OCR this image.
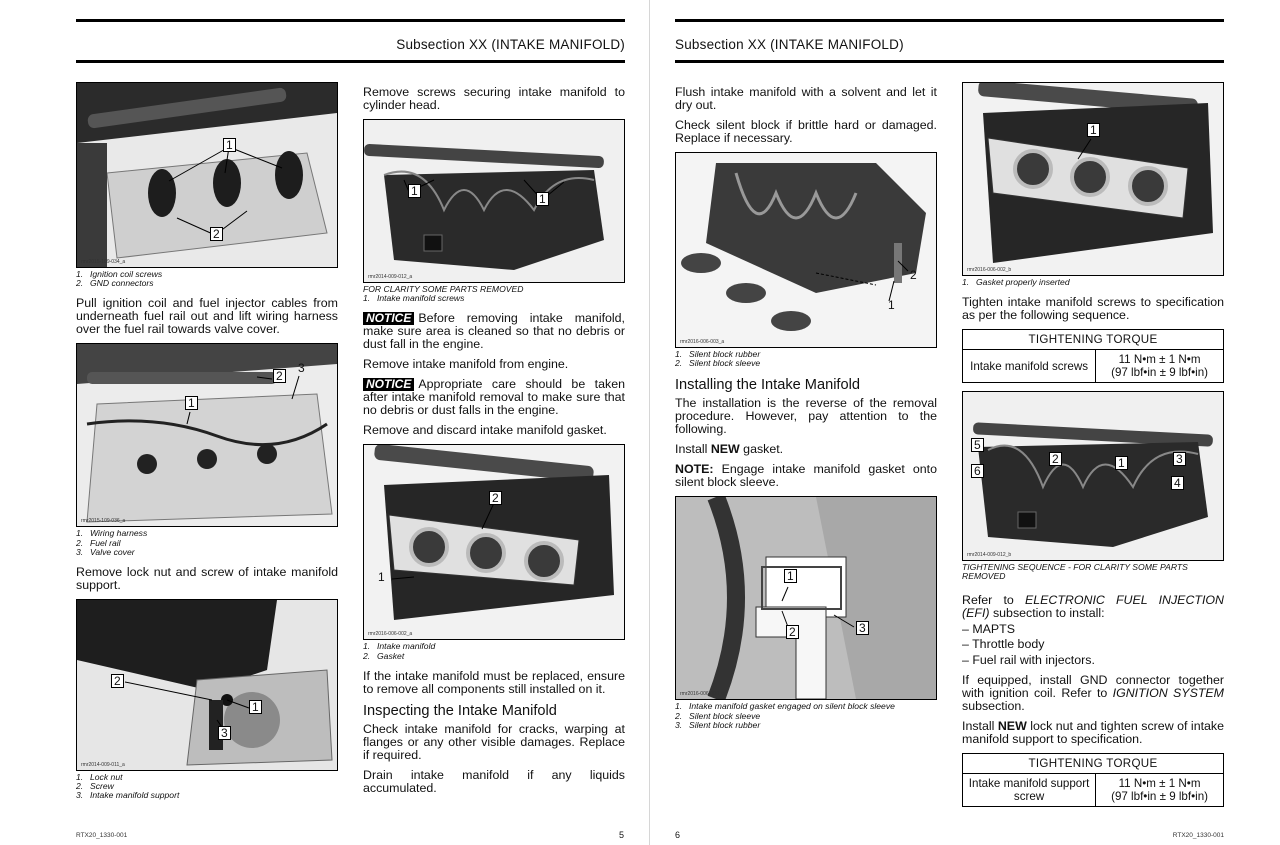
Subsection XX (INTAKE MANIFOLD)
1
2
rmr2015-109-034_a
1. Ignition coil screws
2. GND connectors
Pull ignition coil and fuel injector cables from underneath fuel rail out and lift wiring harness over the fuel rail towards valve cover.
2
3
1
rmr2015-109-036_a
1. Wiring harness
2. Fuel rail
3. Valve cover
Remove lock nut and screw of intake manifold support.
2
1
3
rmr2014-009-011_a
1. Lock nut
2. Screw
3. Intake manifold support
Remove screws securing intake manifold to cylinder head.
1
1
rmr2014-009-012_a
FOR CLARITY SOME PARTS REMOVED
1. Intake manifold screws
NOTICE Before removing intake manifold, make sure area is cleaned so that no debris or dust fall in the engine.
Remove intake manifold from engine.
NOTICE Appropriate care should be taken after intake manifold removal to make sure that no debris or dust falls in the engine.
Remove and discard intake manifold gasket.
2
1
rmr2016-006-002_a
1. Intake manifold
2. Gasket
If the intake manifold must be replaced, ensure to remove all components still installed on it.
Inspecting the Intake Manifold
Check intake manifold for cracks, warping at flanges or any other visible damages. Replace if required.
Drain intake manifold if any liquids accumulated.
RTX20_1330-001	5
Subsection XX (INTAKE MANIFOLD)
Flush intake manifold with a solvent and let it dry out.
Check silent block if brittle hard or damaged. Replace if necessary.
2
1
rmr2016-006-003_a
1. Silent block rubber
2. Silent block sleeve
Installing the Intake Manifold
The installation is the reverse of the removal procedure. However, pay attention to the following.
Install NEW gasket.
NOTE: Engage intake manifold gasket onto silent block sleeve.
1
2	3
rmr2016-006-004_a
1. Intake manifold gasket engaged on silent block sleeve
2. Silent block sleeve
3. Silent block rubber
1
rmr2016-006-002_b
1. Gasket properly inserted
Tighten intake manifold screws to specification as per the following sequence.
TIGHTENING TORQUE
Intake manifold screws	11 N•m ± 1 N•m
(97 lbf•in ± 9 lbf•in)
5
6
2	1	3
4
rmr2014-009-012_b
TIGHTENING SEQUENCE - FOR CLARITY SOME PARTS REMOVED
Refer to ELECTRONIC FUEL INJECTION (EFI) subsection to install:
– MAPTS
– Throttle body
– Fuel rail with injectors.
If equipped, install GND connector together with ignition coil. Refer to IGNITION SYSTEM subsection.
Install NEW lock nut and tighten screw of intake manifold support to specification.
TIGHTENING TORQUE
Intake manifold support screw	
11 N•m ± 1 N•m
(97 lbf•in ± 9 lbf•in)
6	RTX20_1330-001
